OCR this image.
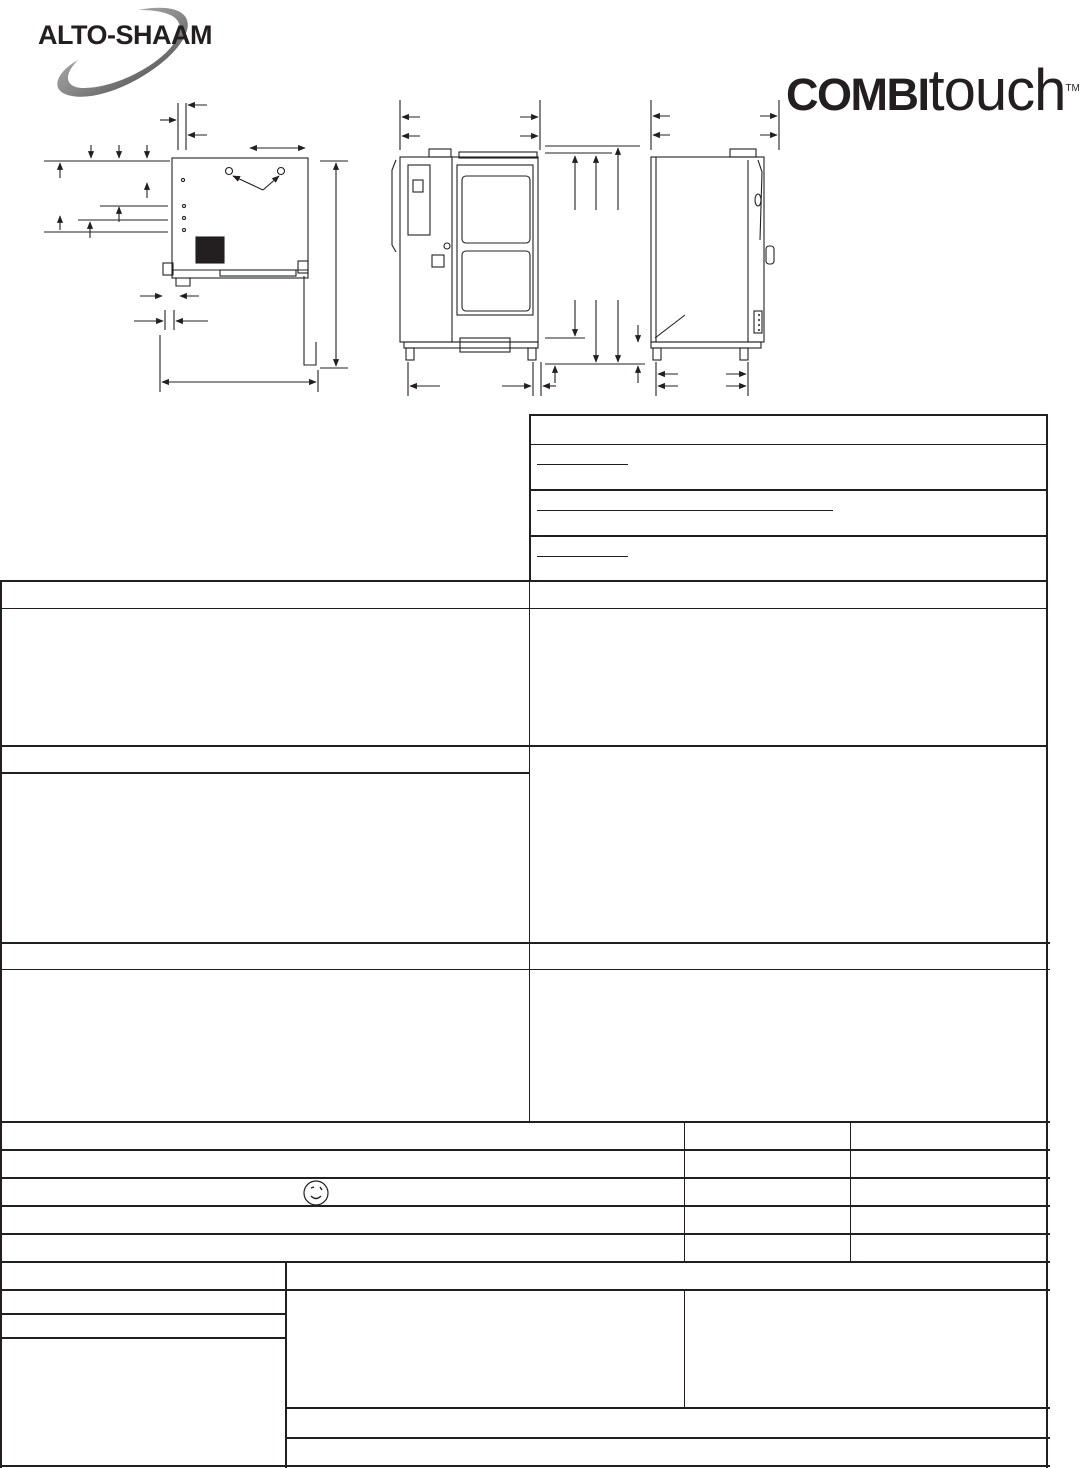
ALTO-SHAAM
COMBItouch$_{TM}$
